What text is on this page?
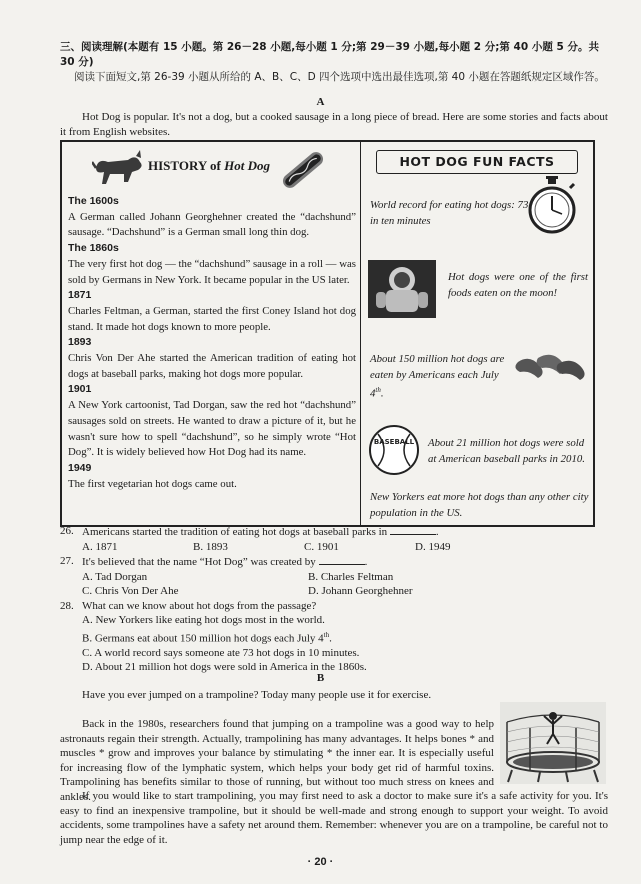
三、阅读理解(本题有 15 小题。第 26－28 小题,每小题 1 分;第 29－39 小题,每小题 2 分;第 40 小题 5 分。共 30 分)
阅读下面短文,第 26-39 小题从所给的 A、B、C、D 四个选项中选出最佳选项,第 40 小题在答题纸规定区域作答。
A
Hot Dog is popular. It's not a dog, but a cooked sausage in a long piece of bread. Here are some stories and facts about it from English websites.
HISTORY of Hot Dog
The 1600s
A German called Johann Georghehner created the “dachshund” sausage. “Dachshund” is a German small long thin dog.
The 1860s
The very first hot dog — the “dachshund” sausage in a roll — was sold by Germans in New York. It became popular in the US later.
1871
Charles Feltman, a German, started the first Coney Island hot dog stand. It made hot dogs known to more people.
1893
Chris Von Der Ahe started the American tradition of eating hot dogs at baseball parks, making hot dogs more popular.
1901
A New York cartoonist, Tad Dorgan, saw the red hot “dachshund” sausages sold on streets. He wanted to draw a picture of it, but he wasn't sure how to spell “dachshund”, so he simply wrote “Hot Dog”. It is widely believed how Hot Dog had its name.
1949
The first vegetarian hot dogs came out.
HOT DOG FUN FACTS
World record for eating hot dogs: 73 in ten minutes
Hot dogs were one of the first foods eaten on the moon!
About 150 million hot dogs are eaten by Americans each July 4th.
BASEBALL About 21 million hot dogs were sold at American baseball parks in 2010.
New Yorkers eat more hot dogs than any other city population in the US.
26. Americans started the tradition of eating hot dogs at baseball parks in	.
A. 1871	B. 1893	C. 1901	D. 1949
27. It's believed that the name “Hot Dog” was created by	.
A. Tad Dorgan	B. Charles Feltman
C. Chris Von Der Ahe	D. Johann Georghehner
28. What can we know about hot dogs from the passage?
A. New Yorkers like eating hot dogs most in the world.
B. Germans eat about 150 million hot dogs each July 4th.
C. A world record says someone ate 73 hot dogs in 10 minutes.
D. About 21 million hot dogs were sold in America in the 1860s.
B
Have you ever jumped on a trampoline? Today many people use it for exercise.
Back in the 1980s, researchers found that jumping on a trampoline was a good way to help astronauts regain their strength. Actually, trampolining has many advantages. It helps bones * and muscles * grow and improves your balance by stimulating * the inner ear. It is especially useful for increasing flow of the lymphatic system, which helps your body get rid of harmful toxins. Trampolining has benefits similar to those of running, but without too much stress on knees and ankles.
If you would like to start trampolining, you may first need to ask a doctor to make sure it's a safe activity for you. It's easy to find an inexpensive trampoline, but it should be well-made and strong enough to support your weight. To avoid accidents, some trampolines have a safety net around them. Remember: whenever you are on a trampoline, be careful not to jump near the edge of it.
· 20 ·
